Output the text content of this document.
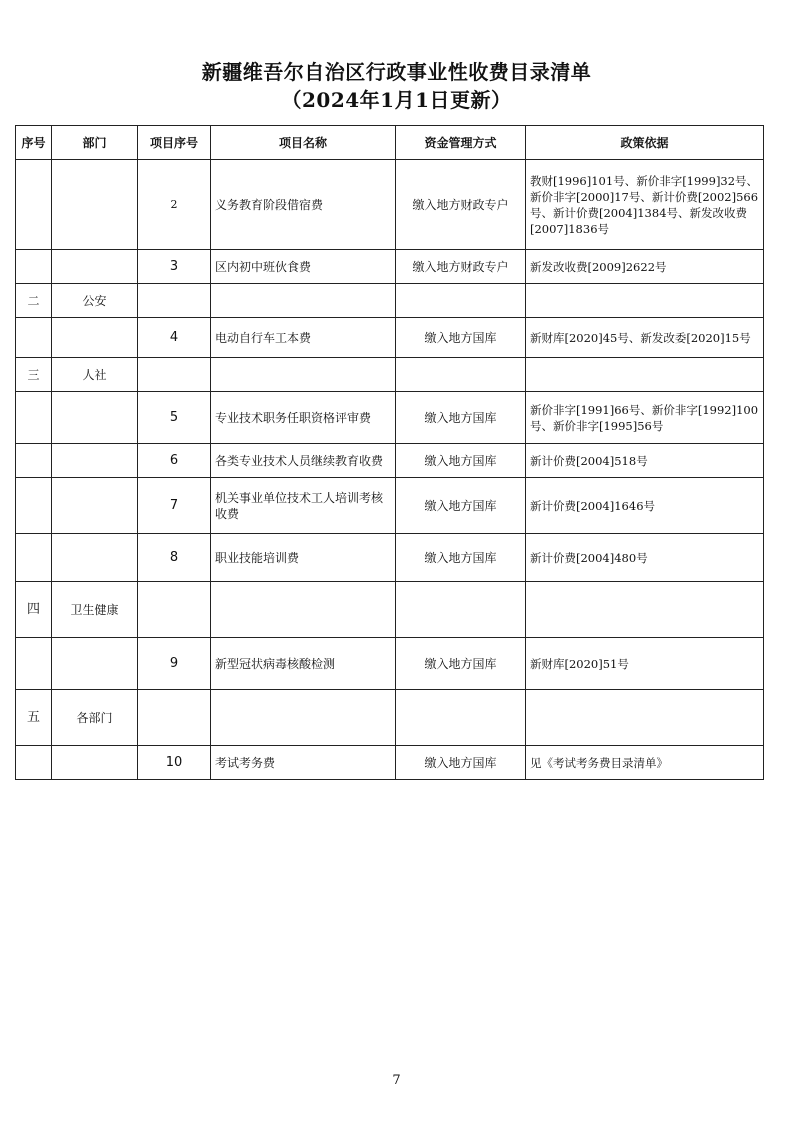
新疆维吾尔自治区行政事业性收费目录清单
（2024年1月1日更新）
序号	部门	项目序号	项目名称	资金管理方式	政策依据
		2	义务教育阶段借宿费	缴入地方财政专户	教财[1996]101号、新价非字[1999]32号、新价非字[2000]17号、新计价费[2002]566号、新计价费[2004]1384号、新发改收费[2007]1836号
		3	区内初中班伙食费	缴入地方财政专户	新发改收费[2009]2622号
二	公安				
		4	电动自行车工本费	缴入地方国库	新财库[2020]45号、新发改委[2020]15号
三	人社				
		5	专业技术职务任职资格评审费	缴入地方国库	新价非字[1991]66号、新价非字[1992]100号、新价非字[1995]56号
		6	各类专业技术人员继续教育收费	缴入地方国库	新计价费[2004]518号
		7	机关事业单位技术工人培训考核收费	缴入地方国库	新计价费[2004]1646号
		8	职业技能培训费	缴入地方国库	新计价费[2004]480号
四	卫生健康				
		9	新型冠状病毒核酸检测	缴入地方国库	新财库[2020]51号
五	各部门				
		10	考试考务费	缴入地方国库	见《考试考务费目录清单》
7
